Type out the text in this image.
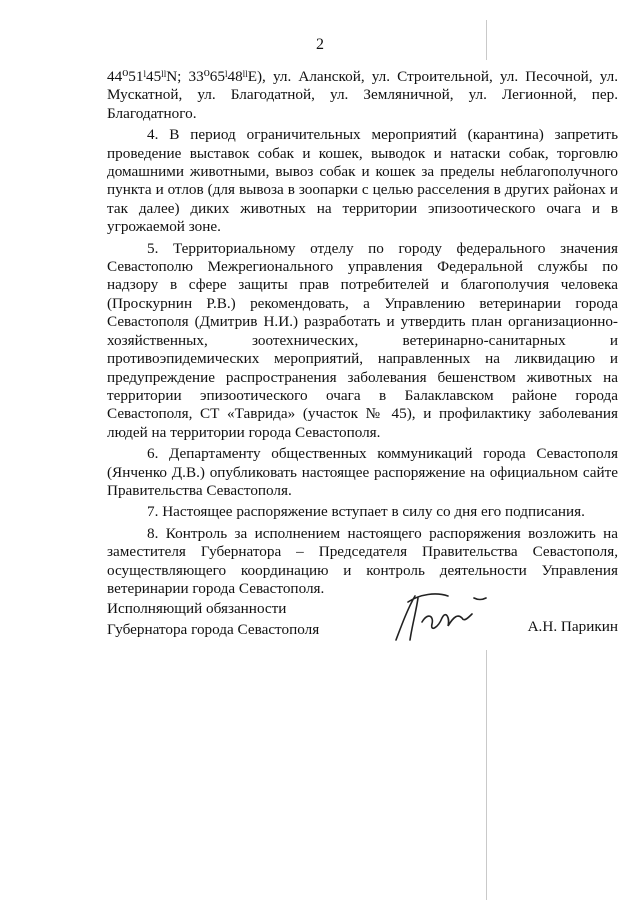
2

44⁰51ˡ45ˡˡN; 33⁰65ˡ48ˡˡE), ул. Аланской, ул. Строительной, ул. Песочной, ул. Мускатной, ул. Благодатной, ул. Земляничной, ул. Легионной, пер. Благодатного.

4. В период ограничительных мероприятий (карантина) запретить проведение выставок собак и кошек, выводок и натаски собак, торговлю домашними животными, вывоз собак и кошек за пределы неблагополучного пункта и отлов (для вывоза в зоопарки с целью расселения в других районах и так далее) диких животных на территории эпизоотического очага и в угрожаемой зоне.

5. Территориальному отделу по городу федерального значения Севастополю Межрегионального управления Федеральной службы по надзору в сфере защиты прав потребителей и благополучия человека (Проскурнин Р.В.) рекомендовать, а Управлению ветеринарии города Севастополя (Дмитрив Н.И.) разработать и утвердить план организационно-хозяйственных, зоотехнических, ветеринарно-санитарных и противоэпидемических мероприятий, направленных на ликвидацию и предупреждение распространения заболевания бешенством животных на территории эпизоотического очага в Балаклавском районе города Севастополя, СТ «Таврида» (участок № 45), и профилактику заболевания людей на территории города Севастополя.

6. Департаменту общественных коммуникаций города Севастополя (Янченко Д.В.) опубликовать настоящее распоряжение на официальном сайте Правительства Севастополя.

7. Настоящее распоряжение вступает в силу со дня его подписания.

8. Контроль за исполнением настоящего распоряжения возложить на заместителя Губернатора – Председателя Правительства Севастополя, осуществляющего координацию и контроль деятельности Управления ветеринарии города Севастополя.

Исполняющий обязанности
Губернатора города Севастополя	А.Н. Парикин
